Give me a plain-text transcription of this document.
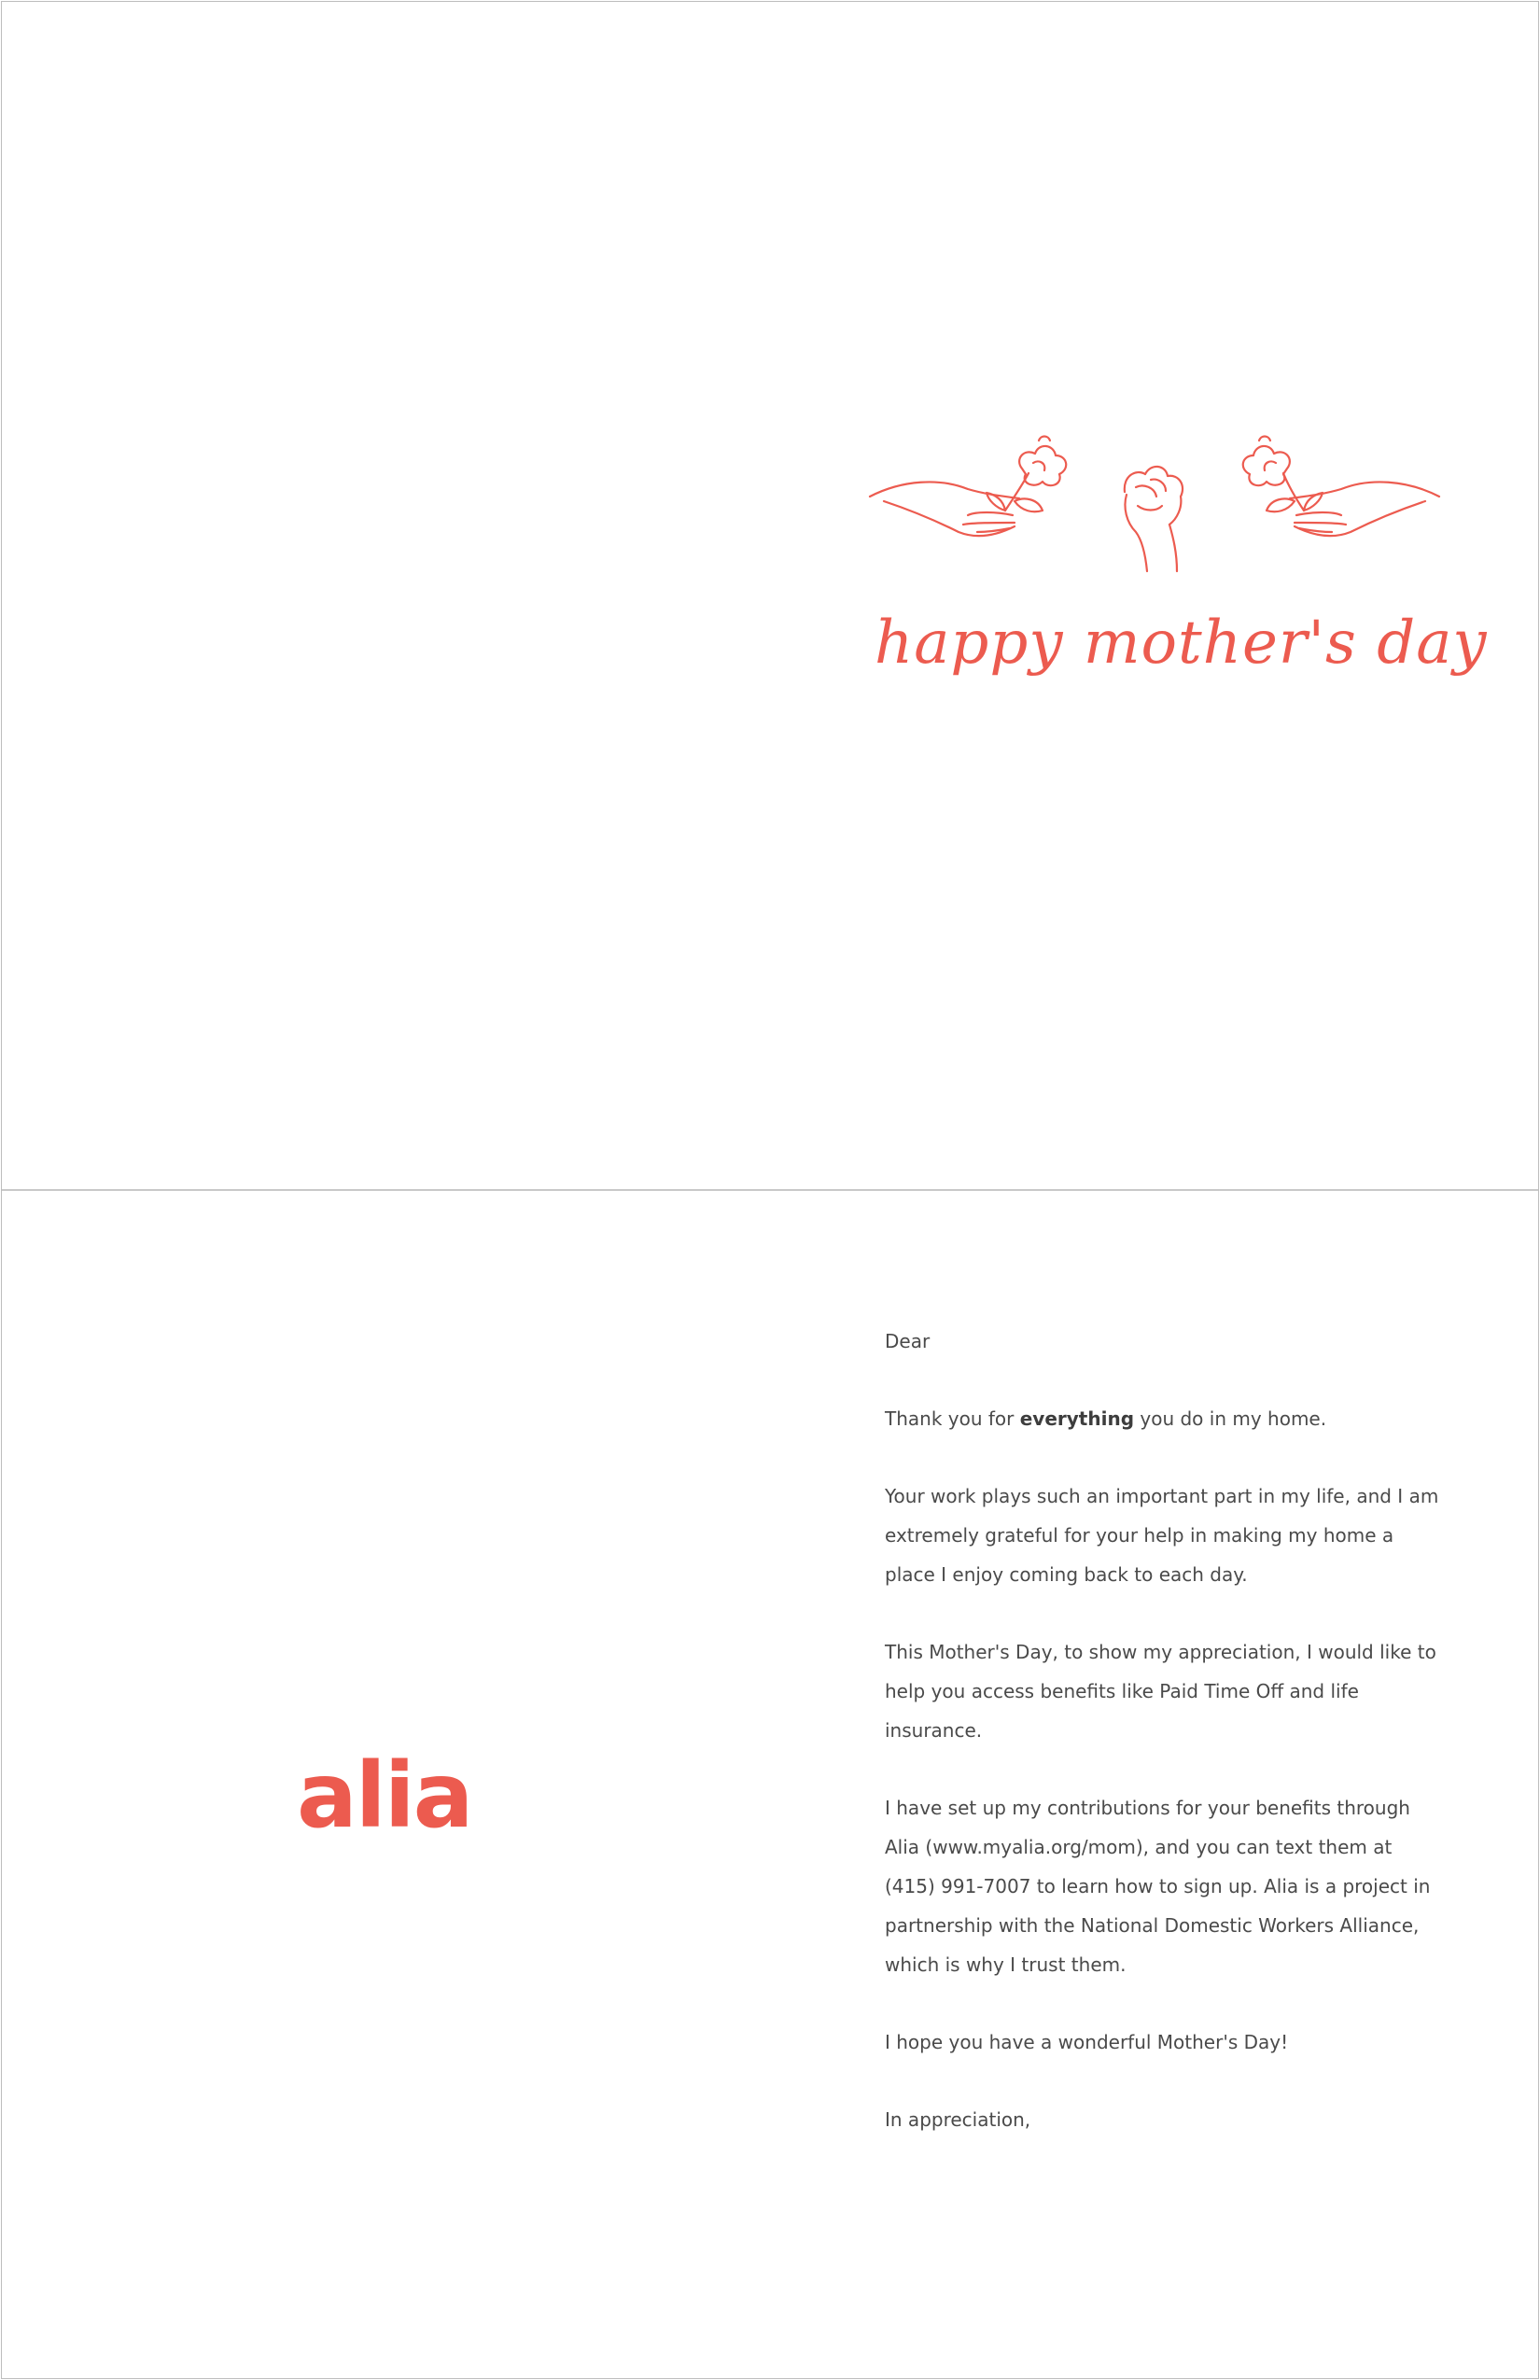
happy mother's day
alia

Dear

Thank you for everything you do in my home.

Your work plays such an important part in my life, and I am extremely grateful for your help in making my home a place I enjoy coming back to each day.

This Mother's Day, to show my appreciation, I would like to help you access benefits like Paid Time Off and life insurance.

I have set up my contributions for your benefits through Alia (www.myalia.org/mom), and you can text them at (415) 991-7007 to learn how to sign up. Alia is a project in partnership with the National Domestic Workers Alliance, which is why I trust them.

I hope you have a wonderful Mother's Day!

In appreciation,
